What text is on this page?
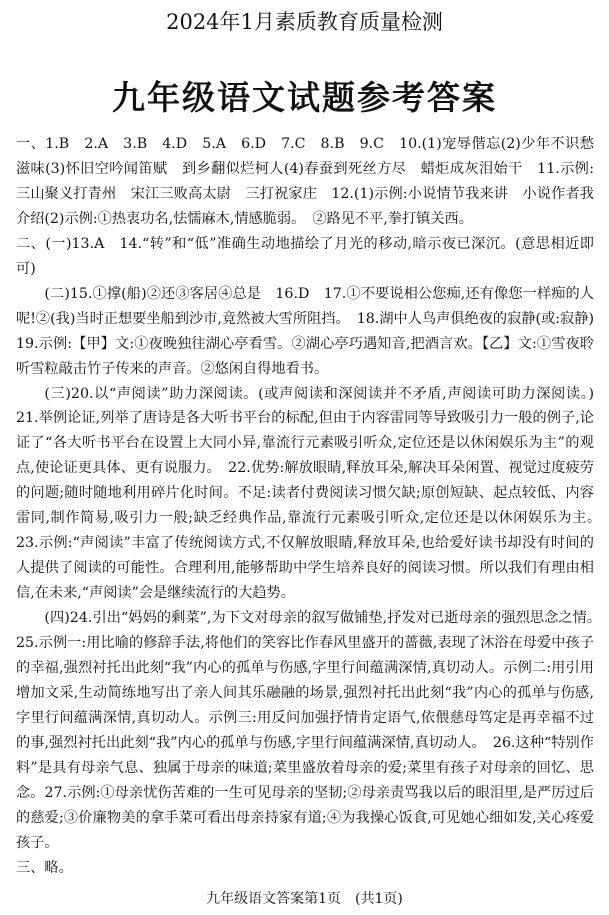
2024年1月素质教育质量检测
九年级语文试题参考答案

一、1.B　2.A　3.B　4.D　5.A　6.D　7.C　8.B　9.C　10.(1)宠辱偕忘(2)少年不识愁滋味(3)怀旧空吟闻笛赋　到乡翻似烂柯人(4)春蚕到死丝方尽　蜡炬成灰泪始干　11.示例:三山聚义打青州　宋江三败高太尉　三打祝家庄　12.(1)示例:小说情节我来讲　小说作者我介绍(2)示例:①热衷功名,怯懦麻木,情感脆弱。　②路见不平,拳打镇关西。

二、(一)13.A　14.“转”和“低”准确生动地描绘了月光的移动,暗示夜已深沉。(意思相近即可)

(二)15.①撑(船)②还③客居④总是　16.D　17.①不要说相公您痴,还有像您一样痴的人呢!②(我)当时正想要坐船到沙市,竟然被大雪所阻挡。　18.湖中人鸟声俱绝夜的寂静(或:寂静)　19.示例:【甲】文:①夜晚独往湖心亭看雪。②湖心亭巧遇知音,把酒言欢。【乙】文:①雪夜聆听雪粒敲击竹子传来的声音。②悠闲自得地看书。

(三)20.以“声阅读”助力深阅读。(或声阅读和深阅读并不矛盾,声阅读可助力深阅读。)　21.举例论证,列举了唐诗是各大听书平台的标配,但由于内容雷同等导致吸引力一般的例子,论证了“各大听书平台在设置上大同小异,靠流行元素吸引听众,定位还是以休闲娱乐为主”的观点,使论证更具体、更有说服力。　22.优势:解放眼睛,释放耳朵,解决耳朵闲置、视觉过度疲劳的问题;随时随地利用碎片化时间。不足:读者付费阅读习惯欠缺;原创短缺、起点较低、内容雷同,制作简易,吸引力一般;缺乏经典作品,靠流行元素吸引听众,定位还是以休闲娱乐为主。　23.示例:“声阅读”丰富了传统阅读方式,不仅解放眼睛,释放耳朵,也给爱好读书却没有时间的人提供了阅读的可能性。合理利用,能够帮助中学生培养良好的阅读习惯。所以我们有理由相信,在未来,“声阅读”会是继续流行的大趋势。

(四)24.引出“妈妈的剩菜”,为下文对母亲的叙写做铺垫,抒发对已逝母亲的强烈思念之情。　25.示例一:用比喻的修辞手法,将他们的笑容比作春风里盛开的蔷薇,表现了沐浴在母爱中孩子的幸福,强烈衬托出此刻“我”内心的孤单与伤感,字里行间蕴满深情,真切动人。示例二:用引用增加文采,生动简练地写出了亲人间其乐融融的场景,强烈衬托出此刻“我”内心的孤单与伤感,字里行间蕴满深情,真切动人。示例三:用反问加强抒情肯定语气,依偎慈母笃定是再幸福不过的事,强烈衬托出此刻“我”内心的孤单与伤感,字里行间蕴满深情,真切动人。　26.这种“特别作料”是具有母亲气息、独属于母亲的味道;菜里盛放着母亲的爱;菜里有孩子对母亲的回忆、思念。27.示例:①母亲忧伤苦难的一生可见母亲的坚韧;②母亲责骂我以后的眼泪里,是严厉过后的慈爱;③价廉物美的拿手菜可看出母亲持家有道;④为我操心饭食,可见她心细如发,关心疼爱孩子。

三、略。

九年级语文答案第1页　(共1页)
